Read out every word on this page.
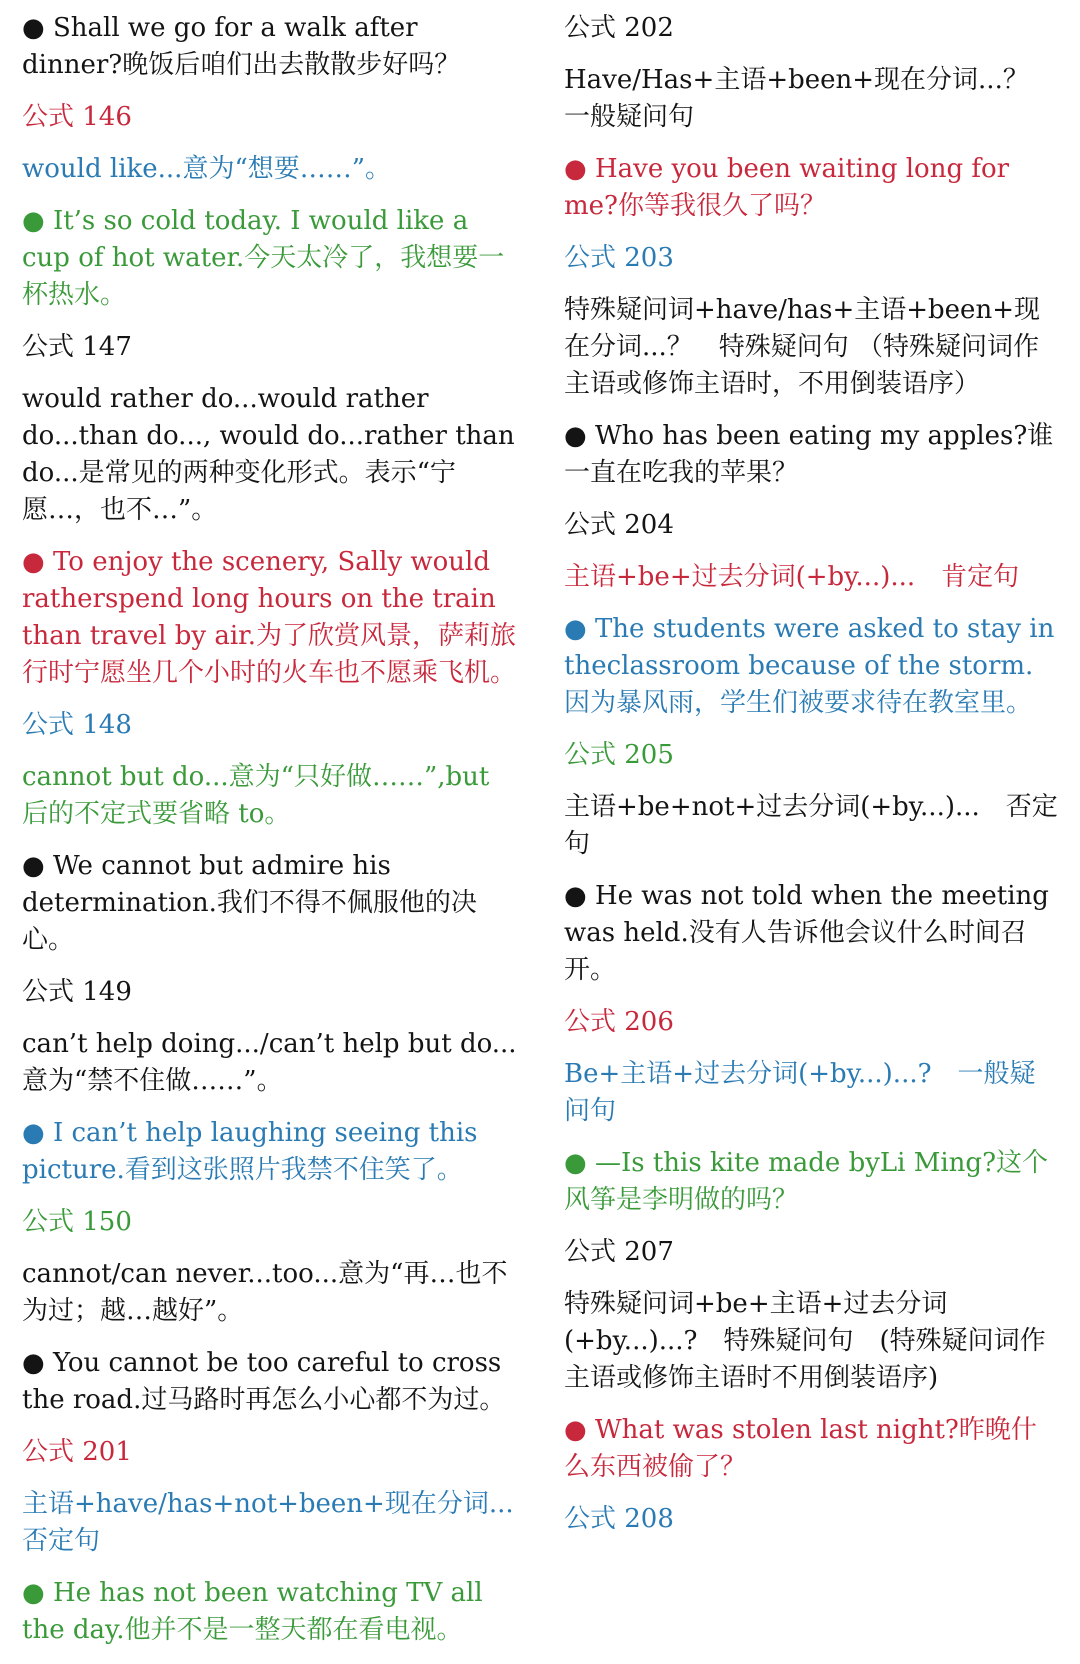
● Shall we go for a walk after dinner?晚饭后咱们出去散散步好吗？

公式 146

would like...意为“想要……”。

● It’s so cold today. I would like a cup of hot water.今天太冷了，我想要一杯热水。

公式 147

would rather do...would rather do...than do..., would do...rather than do...是常见的两种变化形式。表示“宁愿…，也不…”。

● To enjoy the scenery, Sally would ratherspend long hours on the train than travel by air.为了欣赏风景，萨莉旅行时宁愿坐几个小时的火车也不愿乘飞机。

公式 148

cannot but do...意为“只好做……”,but 后的不定式要省略 to。

● We cannot but admire his determination.我们不得不佩服他的决心。

公式 149

can’t help doing.../can’t help but do...意为“禁不住做……”。

● I can’t help laughing seeing this picture.看到这张照片我禁不住笑了。

公式 150

cannot/can never...too...意为“再…也不为过；越…越好”。

● You cannot be too careful to cross the road.过马路时再怎么小心都不为过。

公式 201

主语+have/has+not+been+现在分词...否定句

● He has not been watching TV all the day.他并不是一整天都在看电视。

公式 202

Have/Has+主语+been+现在分词...？　一般疑问句

● Have you been waiting long for me?你等我很久了吗？

公式 203

特殊疑问词+have/has+主语+been+现在分词...？　特殊疑问句 （特殊疑问词作主语或修饰主语时，不用倒装语序）

● Who has been eating my apples?谁一直在吃我的苹果？

公式 204

主语+be+过去分词(+by...)...　肯定句

● The students were asked to stay in theclassroom because of the storm.因为暴风雨，学生们被要求待在教室里。

公式 205

主语+be+not+过去分词(+by...)...　否定句

● He was not told when the meeting was held.没有人告诉他会议什么时间召开。

公式 206

Be+主语+过去分词(+by...)...?　一般疑问句

● —Is this kite made byLi Ming?这个风筝是李明做的吗？

公式 207

特殊疑问词+be+主语+过去分词(+by...)...?　特殊疑问句　(特殊疑问词作主语或修饰主语时不用倒装语序)

● What was stolen last night?昨晚什么东西被偷了？

公式 208
